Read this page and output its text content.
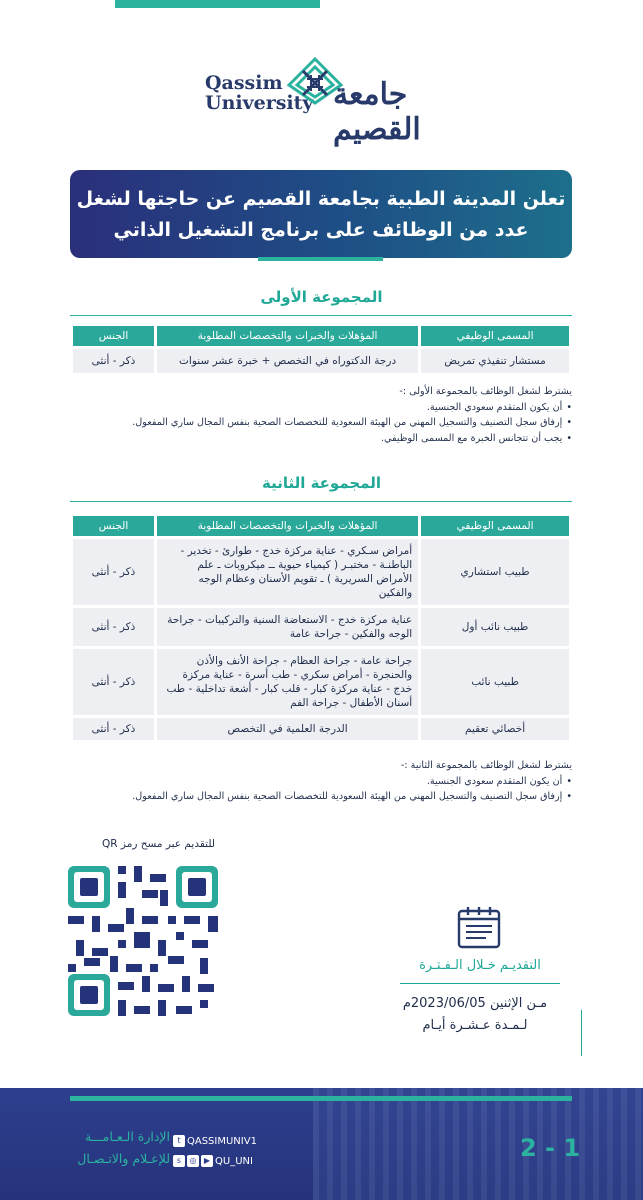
Qassim
University جامعة القصيم
تعلن المدينة الطبية بجامعة القصيم عن حاجتها لشغل
عدد من الوظائف على برنامج التشغيل الذاتي
المجموعة الأولى
المسمى الوظيفي	المؤهلات والخبرات والتخصصات المطلوبة	الجنس
مستشار تنفيذي تمريض	درجة الدكتوراه في التخصص + خبرة عشر سنوات	ذكر - أنثى
يشترط لشغل الوظائف بالمجموعة الأولى :-
• أن يكون المتقدم سعودي الجنسية.
• إرفاق سجل التصنيف والتسجيل المهني من الهيئة السعودية للتخصصات الصحية بنفس المجال ساري المفعول.
• يجب أن تتجانس الخبرة مع المسمى الوظيفي.
المجموعة الثانية
المسمى الوظيفي	المؤهلات والخبرات والتخصصات المطلوبة	الجنس
طبيب استشاري	أمراض سـكري - عناية مركزة خدج - طوارئ - تخدير - الباطنـة - مختبـر ( كيمياء حيوية ــ ميكروبات ـ علم الأمراض السريرية ) ـ تقويم الأسنان وعظام الوجه والفكين	ذكر - أنثى
طبيب نائب أول	عناية مركزة خدج - الاستعاضة السنية والتركيبات - جراحة الوجه والفكين - جراحة عامة	ذكر - أنثى
طبيب نائب	جراحة عامة - جراحة العظام - جراحة الأنف والأذن والحنجرة - أمراض سكري - طب أسرة - عناية مركزة خدج - عناية مركزة كبار - قلب كبار - أشعة تداخلية - طب أسنان الأطفال - جراحة الفم	ذكر - أنثى
أخصائي تعقيم	الدرجة العلمية في التخصص	ذكر - أنثى
يشترط لشغل الوظائف بالمجموعة الثانية :-
• أن يكون المتقدم سعودي الجنسية.
• إرفاق سجل التصنيف والتسجيل المهني من الهيئة السعودية للتخصصات الصحية بنفس المجال ساري المفعول.
للتقديم عبر مسح رمز QR
التقديـم خـلال الـفـتـرة
مـن الإثنين 2023/06/05م
لـمـدة عـشـرة أيـام
t QASSIMUNIV1
s ◎ ▶ QU_UNI
الإدارة الـعـامـــة
للإعـلام والاتـصـال	2 - 1
